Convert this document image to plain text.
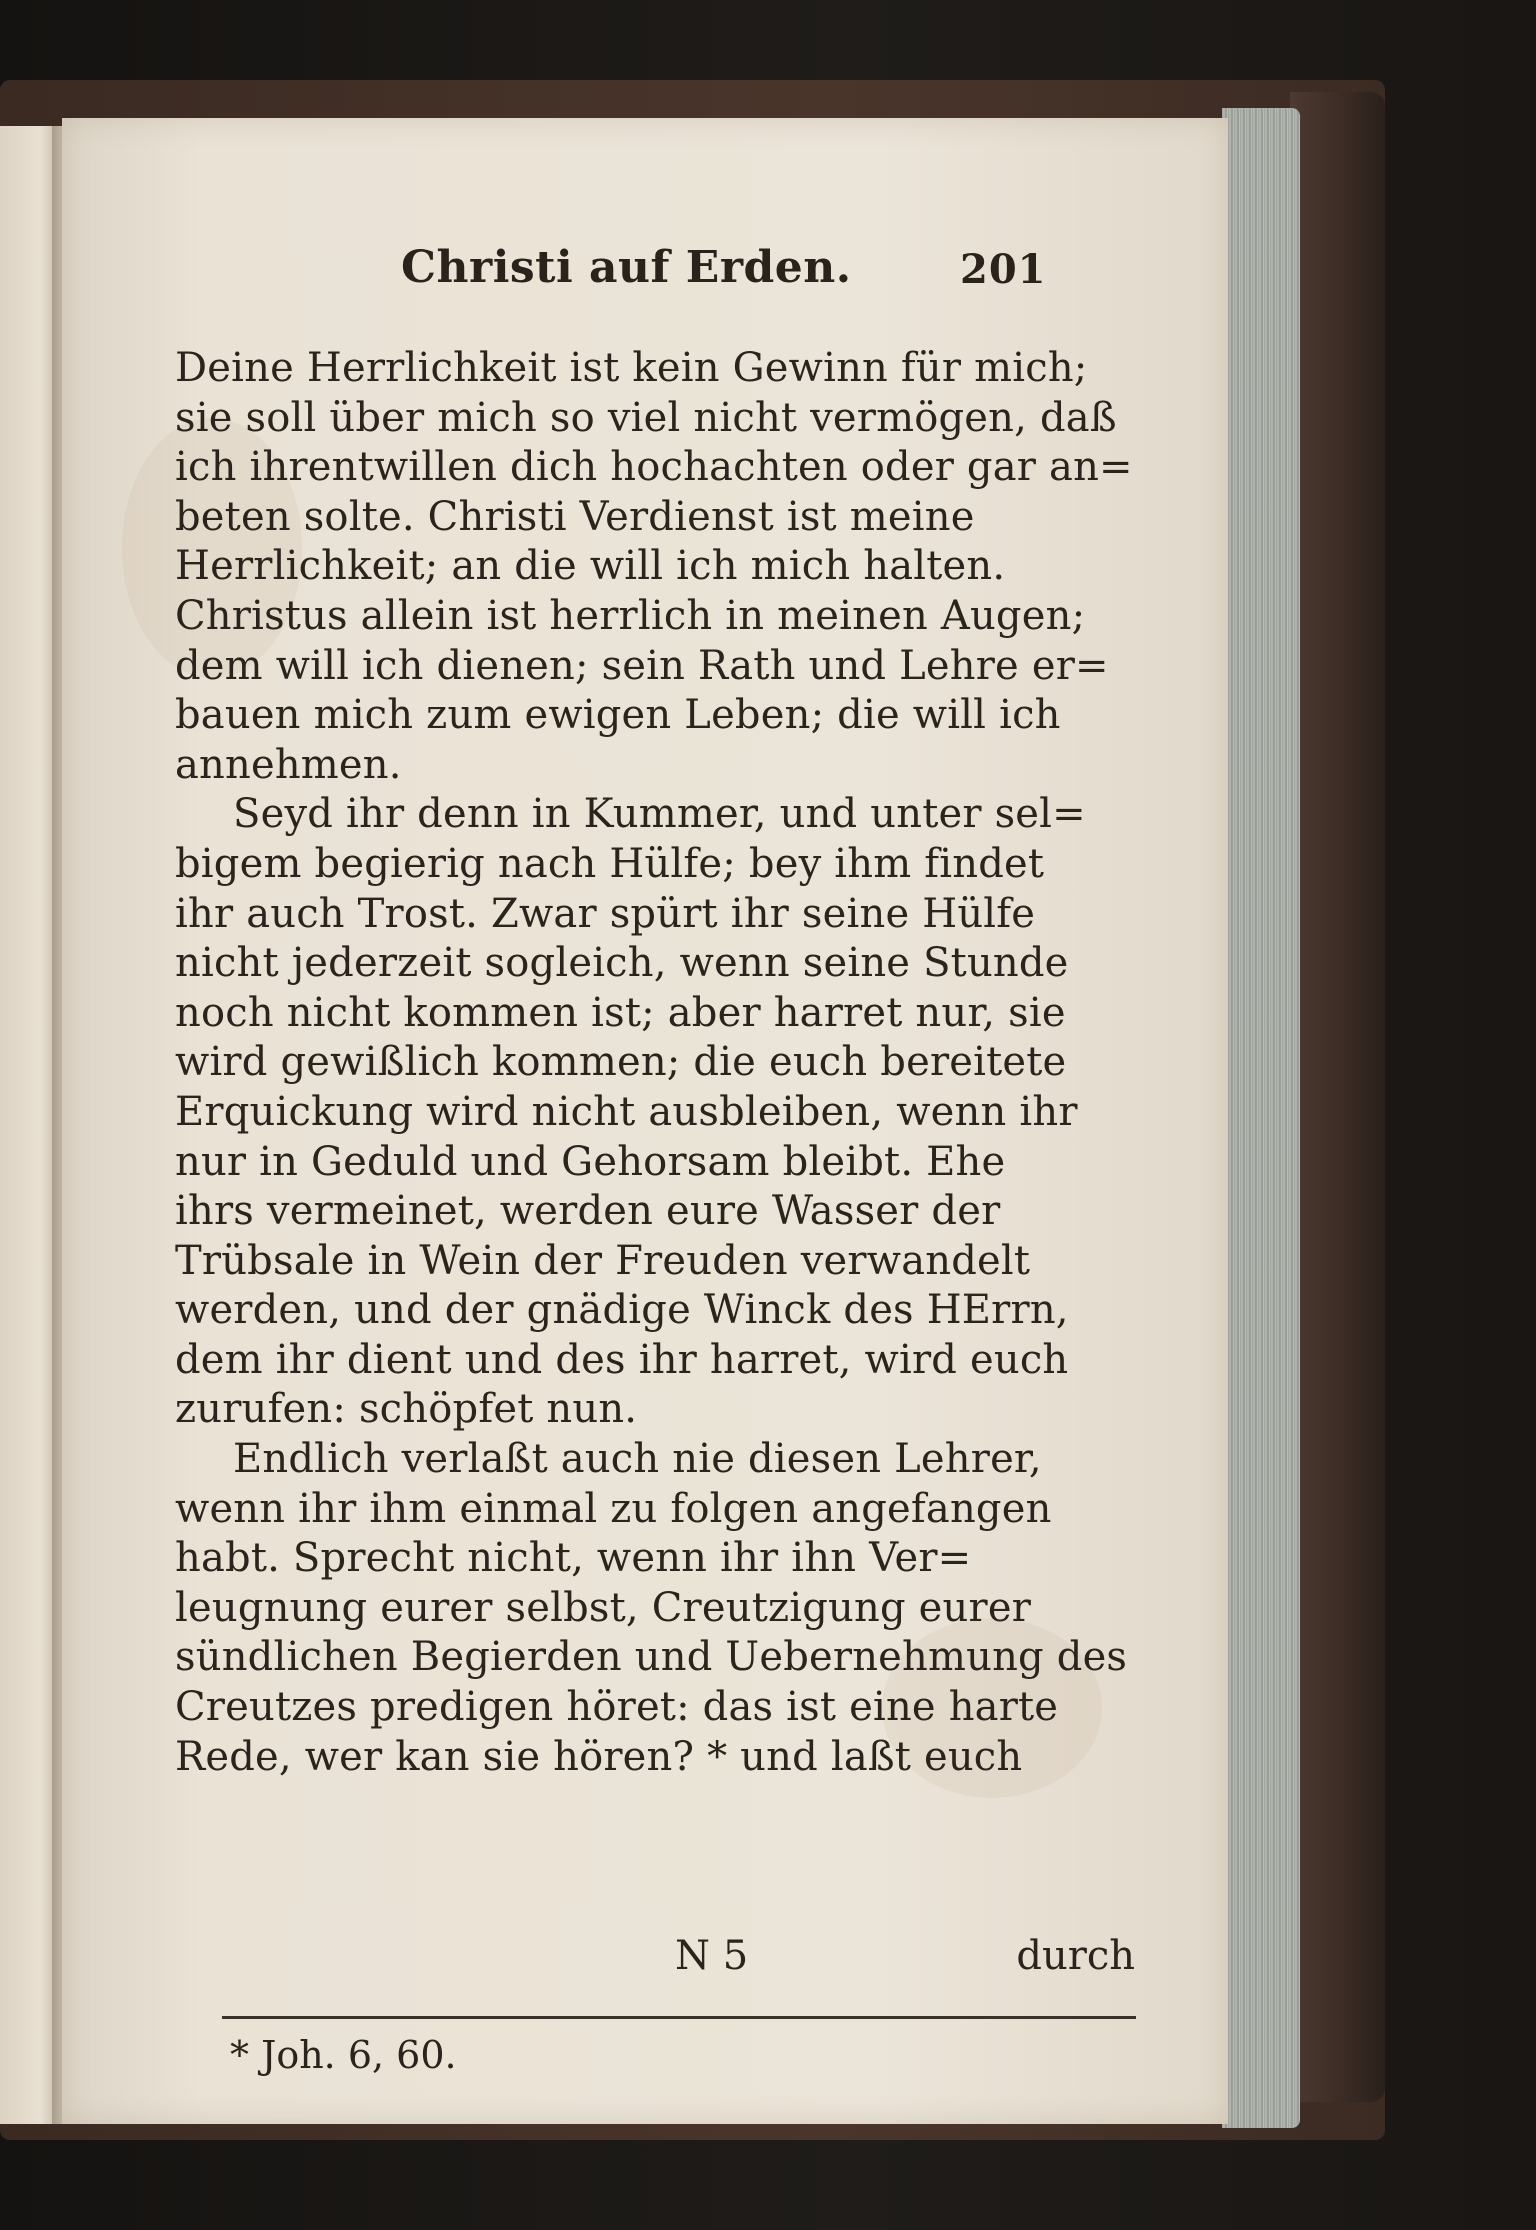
Christi auf Erden.	201

Deine Herrlichkeit ist kein Gewinn für mich;
sie soll über mich so viel nicht vermögen, daß
ich ihrentwillen dich hochachten oder gar an=
beten solte. Christi Verdienst ist meine
Herrlichkeit; an die will ich mich halten.
Christus allein ist herrlich in meinen Augen;
dem will ich dienen; sein Rath und Lehre er=
bauen mich zum ewigen Leben; die will ich
annehmen.

Seyd ihr denn in Kummer, und unter sel=
bigem begierig nach Hülfe; bey ihm findet
ihr auch Trost. Zwar spürt ihr seine Hülfe
nicht jederzeit sogleich, wenn seine Stunde
noch nicht kommen ist; aber harret nur, sie
wird gewißlich kommen; die euch bereitete
Erquickung wird nicht ausbleiben, wenn ihr
nur in Geduld und Gehorsam bleibt. Ehe
ihrs vermeinet, werden eure Wasser der
Trübsale in Wein der Freuden verwandelt
werden, und der gnädige Winck des HErrn,
dem ihr dient und des ihr harret, wird euch
zurufen: schöpfet nun.

Endlich verlaßt auch nie diesen Lehrer,
wenn ihr ihm einmal zu folgen angefangen
habt. Sprecht nicht, wenn ihr ihn Ver=
leugnung eurer selbst, Creutzigung eurer
sündlichen Begierden und Uebernehmung des
Creutzes predigen höret: das ist eine harte
Rede, wer kan sie hören? * und laßt euch

N 5	durch
* Joh. 6, 60.
